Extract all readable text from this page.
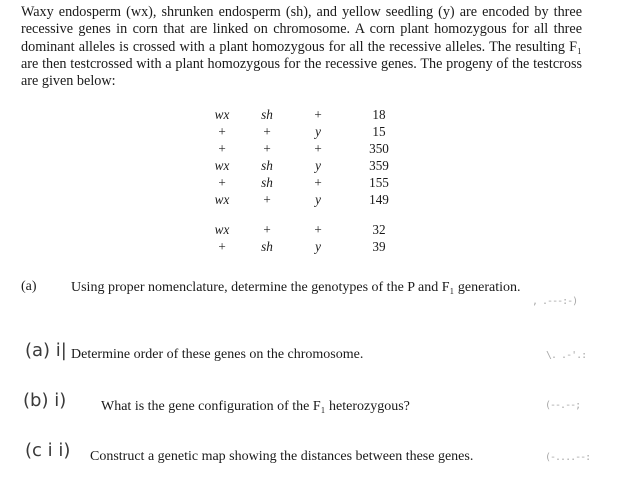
Waxy endosperm (wx), shrunken endosperm (sh), and yellow seedling (y) are encoded by three recessive genes in corn that are linked on chromosome. A corn plant homozygous for all three dominant alleles is crossed with a plant homozygous for all the recessive alleles. The resulting F₁ are then testcrossed with a plant homozygous for the recessive genes. The progeny of the testcross are given below:

wx	sh	+	18
+	+	y	15
+	+	+	350
wx	sh	y	359
+	sh	+	155
wx	+	y	149

wx	+	+	32
+	sh	y	39
(a) Using proper nomenclature, determine the genotypes of the P and F₁ generation.
, .---:-)
(a) i| Determine order of these genes on the chromosome.	\. .-'.:
(b) i) What is the gene configuration of the F₁ heterozygous?	(--.--;
(c i i) Construct a genetic map showing the distances between these genes.	(-....--:
